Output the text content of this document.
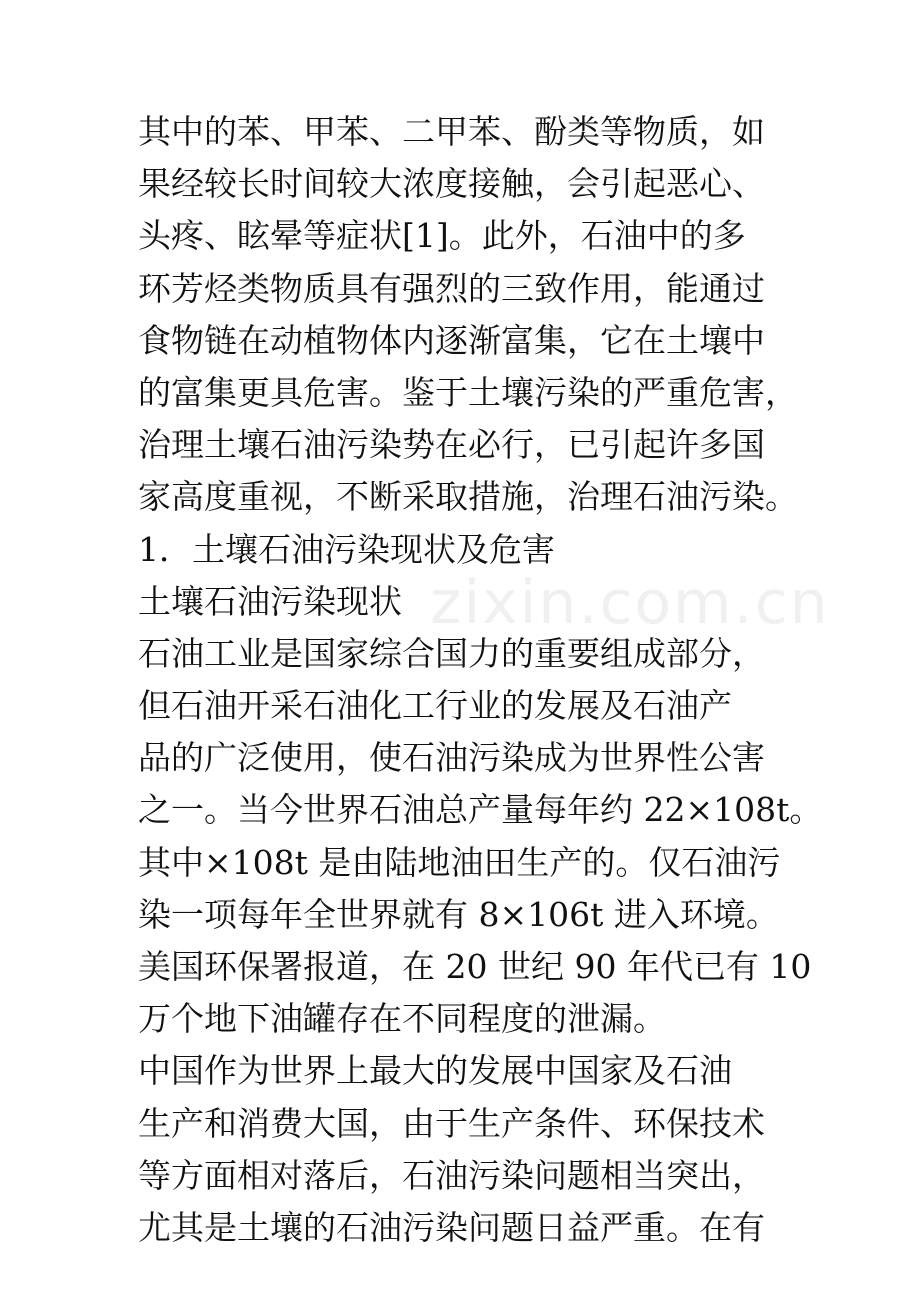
其中的苯、甲苯、二甲苯、酚类等物质，如
果经较长时间较大浓度接触，会引起恶心、
头疼、眩晕等症状[1]。此外，石油中的多
环芳烃类物质具有强烈的三致作用，能通过
食物链在动植物体内逐渐富集，它在土壤中
的富集更具危害。鉴于土壤污染的严重危害，
治理土壤石油污染势在必行，已引起许多国
家高度重视，不断采取措施，治理石油污染。
1．土壤石油污染现状及危害
土壤石油污染现状
石油工业是国家综合国力的重要组成部分，
但石油开采石油化工行业的发展及石油产
品的广泛使用，使石油污染成为世界性公害
之一。当今世界石油总产量每年约 22×108t。
其中×108t 是由陆地油田生产的。仅石油污
染一项每年全世界就有 8×106t 进入环境。
美国环保署报道，在 20 世纪 90 年代已有 10
万个地下油罐存在不同程度的泄漏。
中国作为世界上最大的发展中国家及石油
生产和消费大国，由于生产条件、环保技术
等方面相对落后，石油污染问题相当突出，
尤其是土壤的石油污染问题日益严重。在有
zixin.com.cn
